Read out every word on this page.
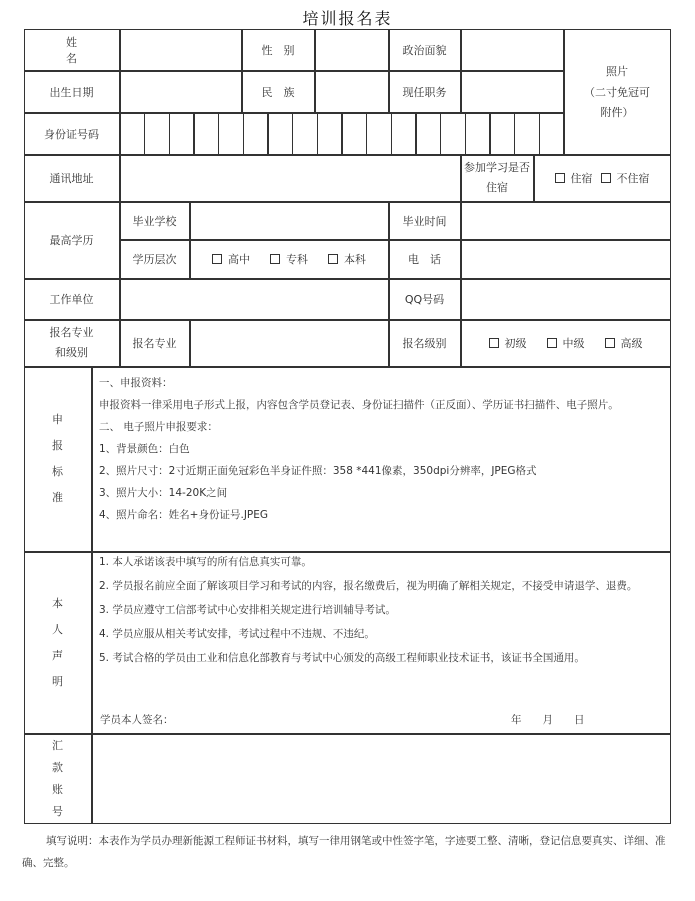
培训报名表
姓　　名
性　别	政治面貌
照片
（二寸免冠可附件）
出生日期	民　族	现任职务
身份证号码
通讯地址
参加学习是否住宿
住宿 不住宿
最高学历
毕业学校	毕业时间
学历层次	高中	专科	本科	电　话
工作单位	QQ号码
报名专业和级别
报名专业	报名级别	初级	中级	高级
申报标准

一、申报资料：

申报资料一律采用电子形式上报，内容包含学员登记表、身份证扫描件（正反面）、学历证书扫描件、电子照片。

二、 电子照片申报要求：

1、背景颜色：白色

2、照片尺寸：2寸近期正面免冠彩色半身证件照：358 *441像素，350dpi分辨率，JPEG格式

3、照片大小：14-20K之间

4、照片命名：姓名+身份证号.JPEG

本人声明

1. 本人承诺该表中填写的所有信息真实可靠。

2. 学员报名前应全面了解该项目学习和考试的内容，报名缴费后，视为明确了解相关规定，不接受申请退学、退费。

3. 学员应遵守工信部考试中心安排相关规定进行培训辅导考试。

4. 学员应服从相关考试安排，考试过程中不违规、不违纪。

5. 考试合格的学员由工业和信息化部教育与考试中心颁发的高级工程师职业技术证书，该证书全国通用。

学员本人签名：	年　　月　　日
汇款账号
填写说明：本表作为学员办理新能源工程师证书材料，填写一律用钢笔或中性签字笔，字迹要工整、清晰，登记信息要真实、详细、准确、完整。
